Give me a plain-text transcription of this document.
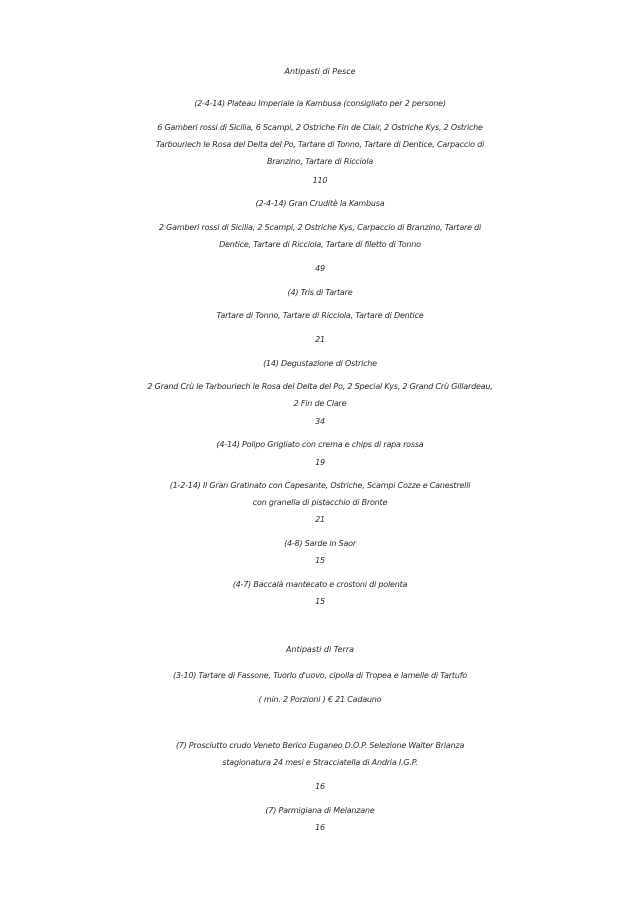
Antipasti di Pesce
(2-4-14) Plateau Imperiale la Kambusa (consigliato per 2 persone)
6 Gamberi rossi di Sicilia, 6 Scampi, 2 Ostriche Fin de Clair, 2 Ostriche Kys, 2 Ostriche
Tarbouriech le Rosa del Delta del Po, Tartare di Tonno, Tartare di Dentice, Carpaccio di
Branzino, Tartare di Ricciola
110
(2-4-14) Gran Cruditè la Kambusa
2 Gamberi rossi di Sicilia, 2 Scampi, 2 Ostriche Kys, Carpaccio di Branzino, Tartare di
Dentice, Tartare di Ricciola, Tartare di filetto di Tonno
49
(4) Tris di Tartare
Tartare di Tonno, Tartare di Ricciola, Tartare di Dentice
21
(14) Degustazione di Ostriche
2 Grand Crù le Tarbouriech le Rosa del Delta del Po, 2 Special Kys, 2 Grand Crù Gillardeau,
2 Fin de Clare
34
(4-14) Polipo Grigliato con crema e chips di rapa rossa
19
(1-2-14) Il Gran Gratinato con Capesante, Ostriche, Scampi Cozze e Canestrelli
con granella di pistacchio di Bronte
21
(4-8) Sarde in Saor
15
(4-7) Baccalà mantecato e crostoni di polenta
15
Antipasti di Terra
(3-10) Tartare di Fassone, Tuorlo d'uovo, cipolla di Tropea e lamelle di Tartufo
( min. 2 Porzioni ) € 21 Cadauno
(7) Prosciutto crudo Veneto Berico Euganeo D.O.P. Selezione Walter Brianza
stagionatura 24 mesi e Stracciatella di Andria I.G.P.
16
(7) Parmigiana di Melanzane
16
